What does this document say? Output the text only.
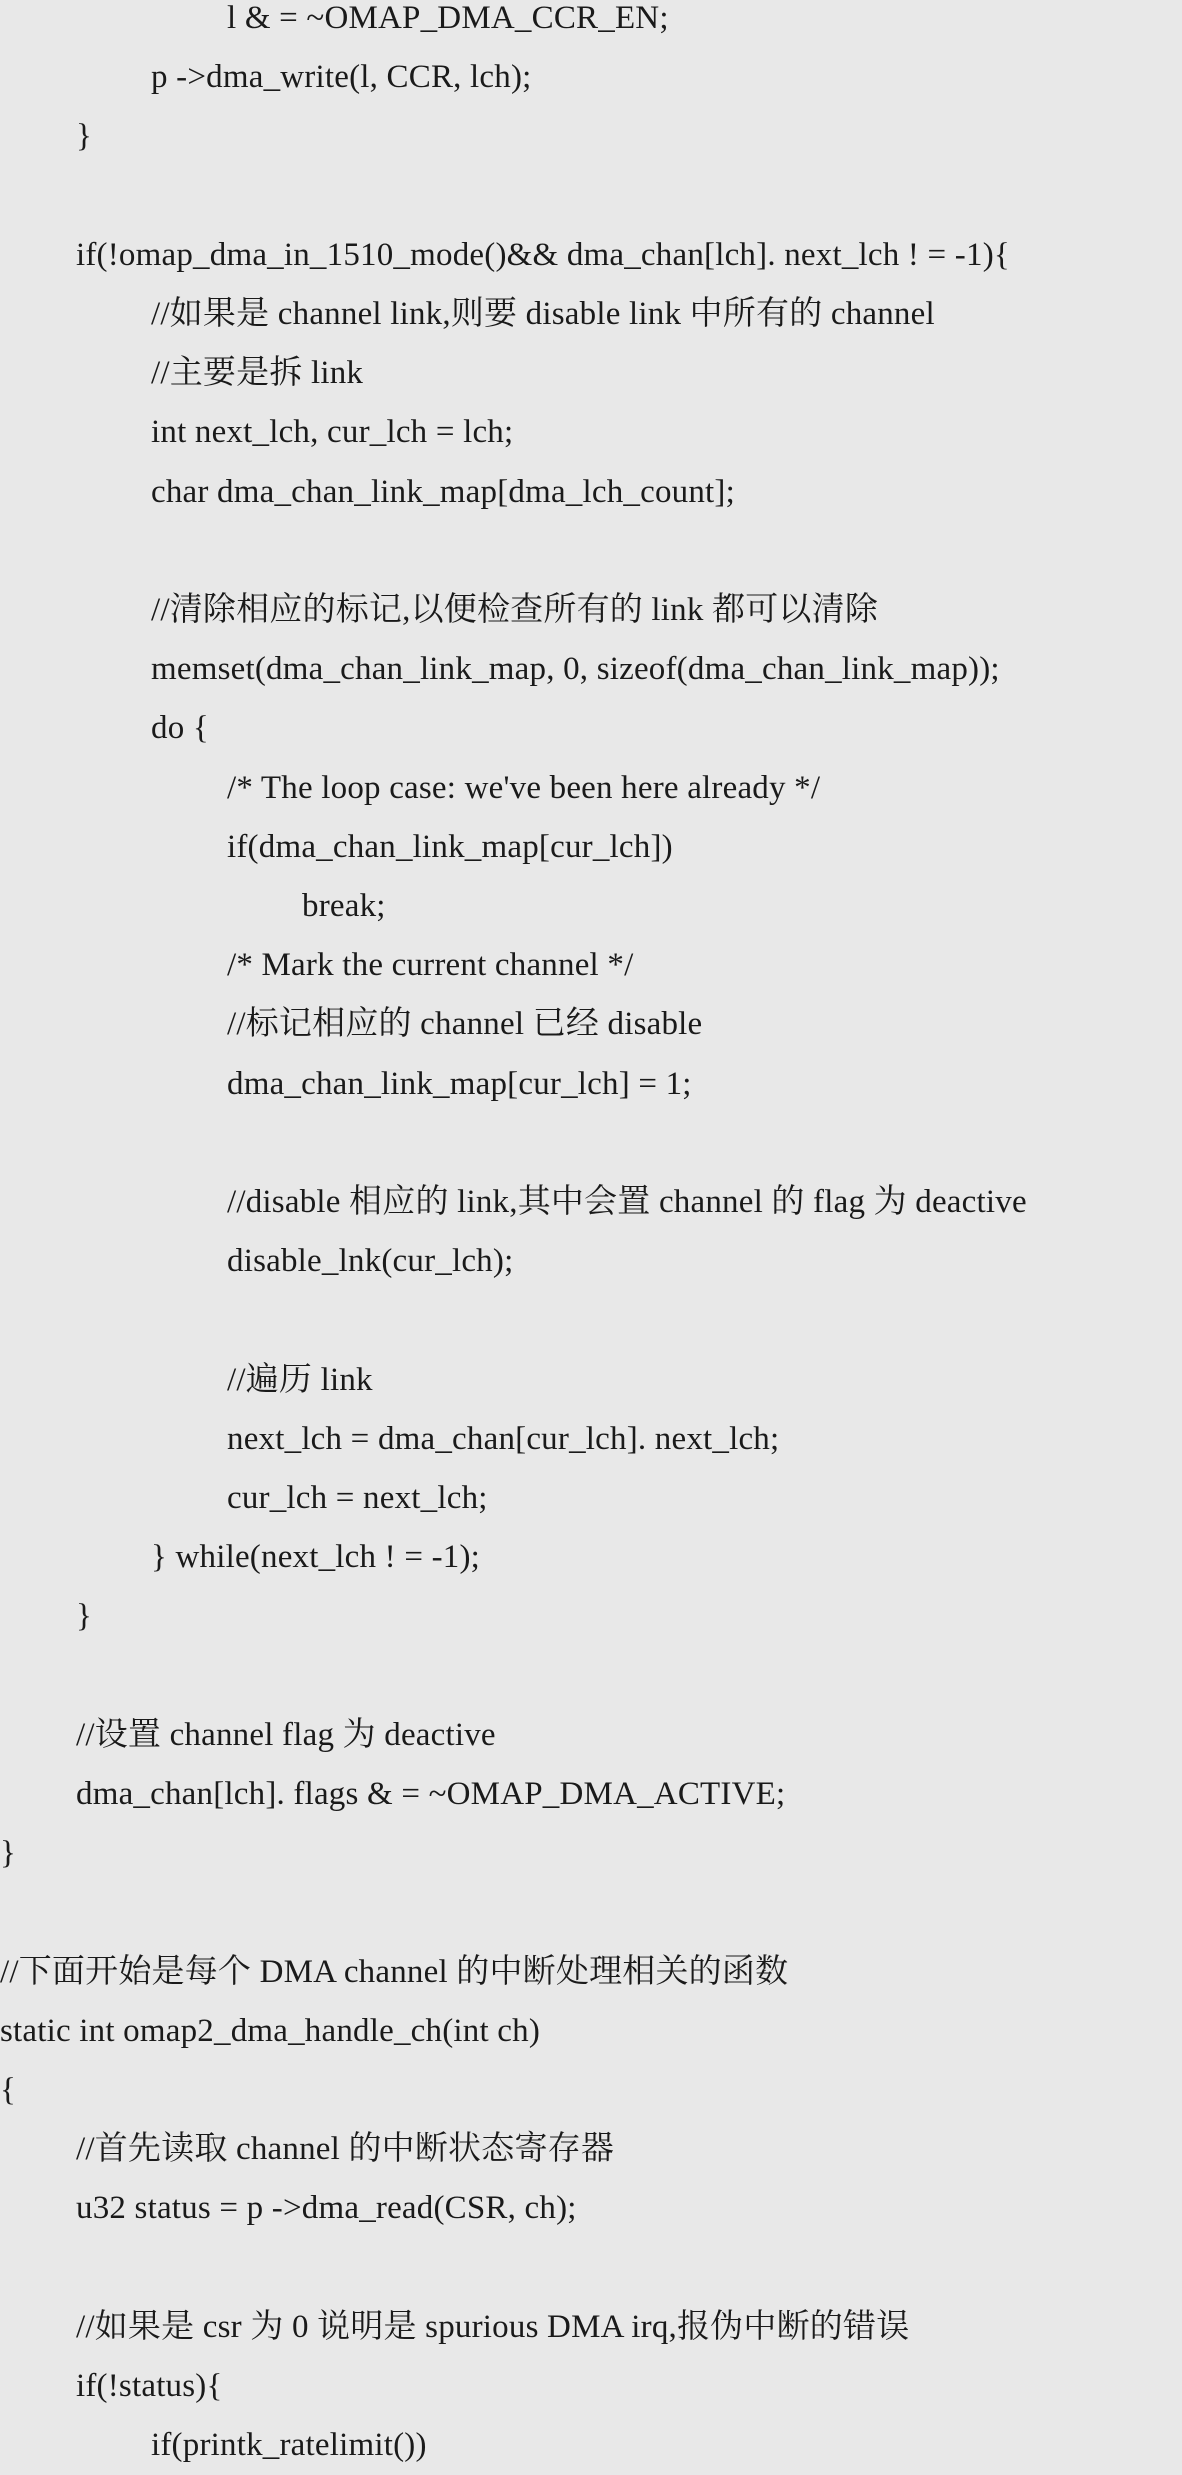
l & = ~OMAP_DMA_CCR_EN;
p ->dma_write(l, CCR, lch);
}
if(!omap_dma_in_1510_mode()&& dma_chan[lch]. next_lch ! = -1){
//如果是 channel link,则要 disable link 中所有的 channel
//主要是拆 link
int next_lch, cur_lch = lch;
char dma_chan_link_map[dma_lch_count];
//清除相应的标记,以便检查所有的 link 都可以清除
memset(dma_chan_link_map, 0, sizeof(dma_chan_link_map));
do {
/* The loop case: we've been here already */
if(dma_chan_link_map[cur_lch])
break;
/* Mark the current channel */
//标记相应的 channel 已经 disable
dma_chan_link_map[cur_lch] = 1;
//disable 相应的 link,其中会置 channel 的 flag 为 deactive
disable_lnk(cur_lch);
//遍历 link
next_lch = dma_chan[cur_lch]. next_lch;
cur_lch = next_lch;
} while(next_lch ! = -1);
}
//设置 channel flag 为 deactive
dma_chan[lch]. flags & = ~OMAP_DMA_ACTIVE;
}
//下面开始是每个 DMA channel 的中断处理相关的函数
static int omap2_dma_handle_ch(int ch)
{
//首先读取 channel 的中断状态寄存器
u32 status = p ->dma_read(CSR, ch);
//如果是 csr 为 0 说明是 spurious DMA irq,报伪中断的错误
if(!status){
if(printk_ratelimit())
